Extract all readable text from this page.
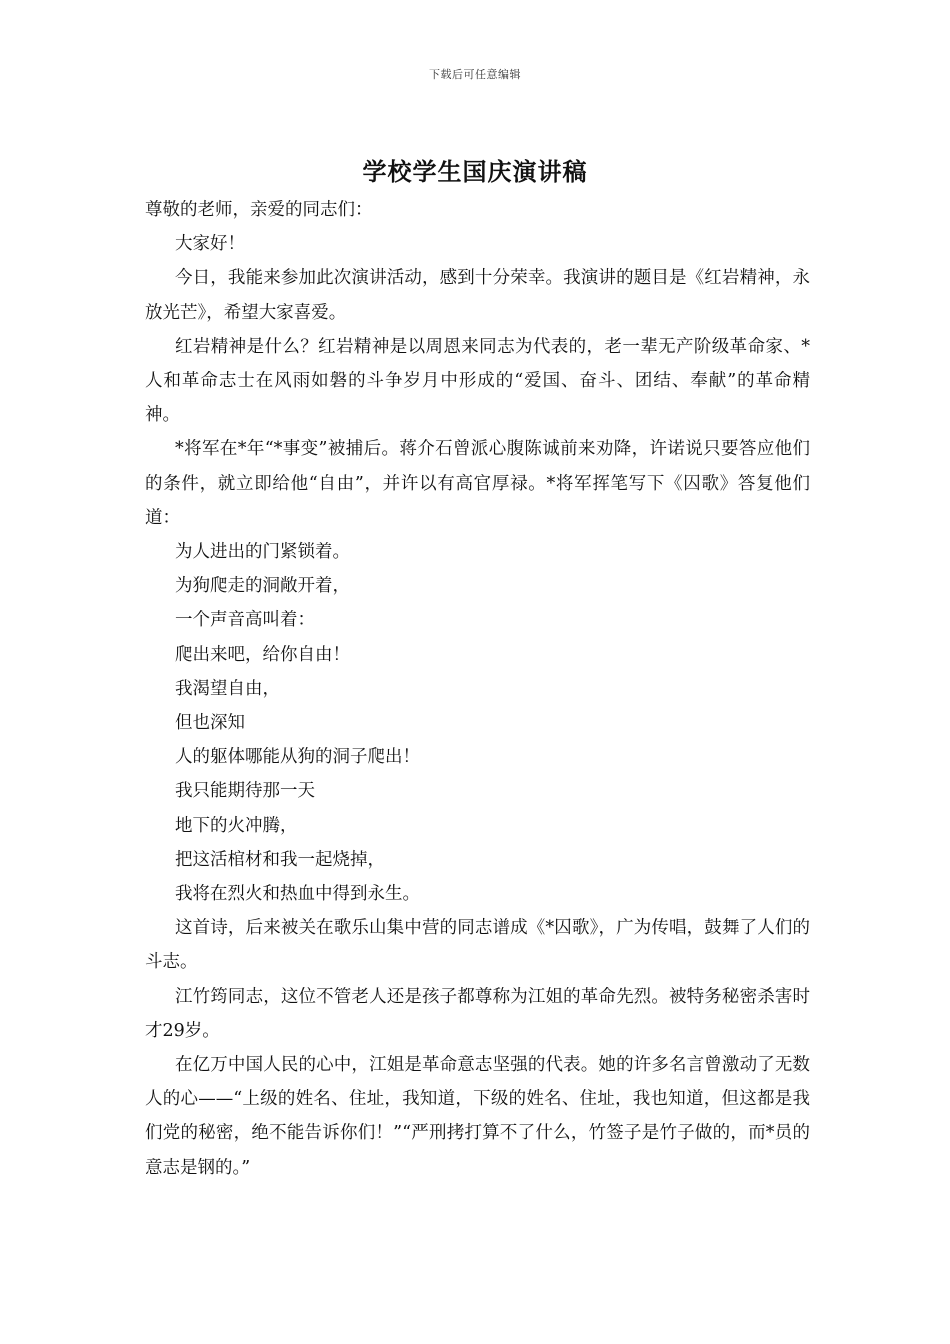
下载后可任意编辑
学校学生国庆演讲稿

尊敬的老师，亲爱的同志们：

大家好！

今日，我能来参加此次演讲活动，感到十分荣幸。我演讲的题目是《红岩精神，永放光芒》，希望大家喜爱。

红岩精神是什么？红岩精神是以周恩来同志为代表的，老一辈无产阶级革命家、*人和革命志士在风雨如磐的斗争岁月中形成的“爱国、奋斗、团结、奉献”的革命精神。

*将军在*年“*事变”被捕后。蒋介石曾派心腹陈诚前来劝降，许诺说只要答应他们的条件，就立即给他“自由”，并许以有高官厚禄。*将军挥笔写下《囚歌》答复他们道：

为人进出的门紧锁着。

为狗爬走的洞敞开着，

一个声音高叫着：

爬出来吧，给你自由！

我渴望自由，

但也深知

人的躯体哪能从狗的洞子爬出！

我只能期待那一天

地下的火冲腾，

把这活棺材和我一起烧掉，

我将在烈火和热血中得到永生。

这首诗，后来被关在歌乐山集中营的同志谱成《*囚歌》，广为传唱，鼓舞了人们的斗志。

江竹筠同志，这位不管老人还是孩子都尊称为江姐的革命先烈。被特务秘密杀害时才29岁。

在亿万中国人民的心中，江姐是革命意志坚强的代表。她的许多名言曾激动了无数人的心——“上级的姓名、住址，我知道，下级的姓名、住址，我也知道，但这都是我们党的秘密，绝不能告诉你们！”“严刑拷打算不了什么，竹签子是竹子做的，而*员的意志是钢的。”
